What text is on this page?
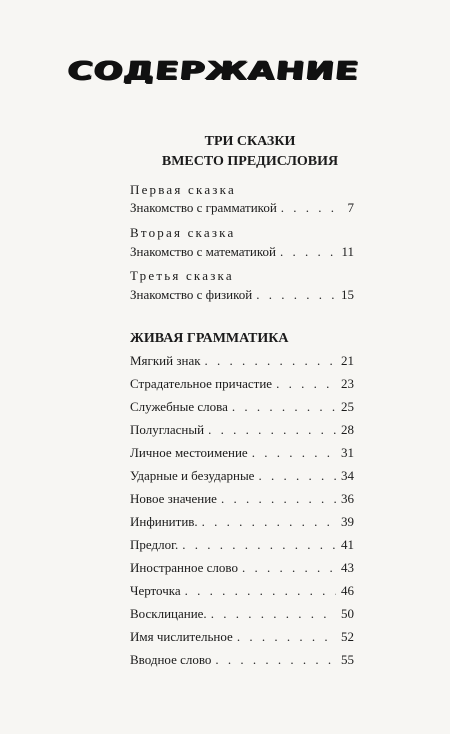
СОДЕРЖАНИЕ
ТРИ СКАЗКИ
ВМЕСТО ПРЕДИСЛОВИЯ
Первая сказка
Знакомство с грамматикой . . .	7
Вторая сказка
Знакомство с математикой . . .	11
Третья сказка
Знакомство с физикой . . .	15
ЖИВАЯ ГРАММАТИКА
Мягкий знак . . .	21
Страдательное причастие . . .	23
Служебные слова . . .	25
Полугласный . . .	28
Личное местоимение . . .	31
Ударные и безударные . . .	34
Новое значение . . .	36
Инфинитив. . . .	39
Предлог. . . .	41
Иностранное слово . . .	43
Черточка . . .	46
Восклицание. . . .	50
Имя числительное . . .	52
Вводное слово . . .	55
